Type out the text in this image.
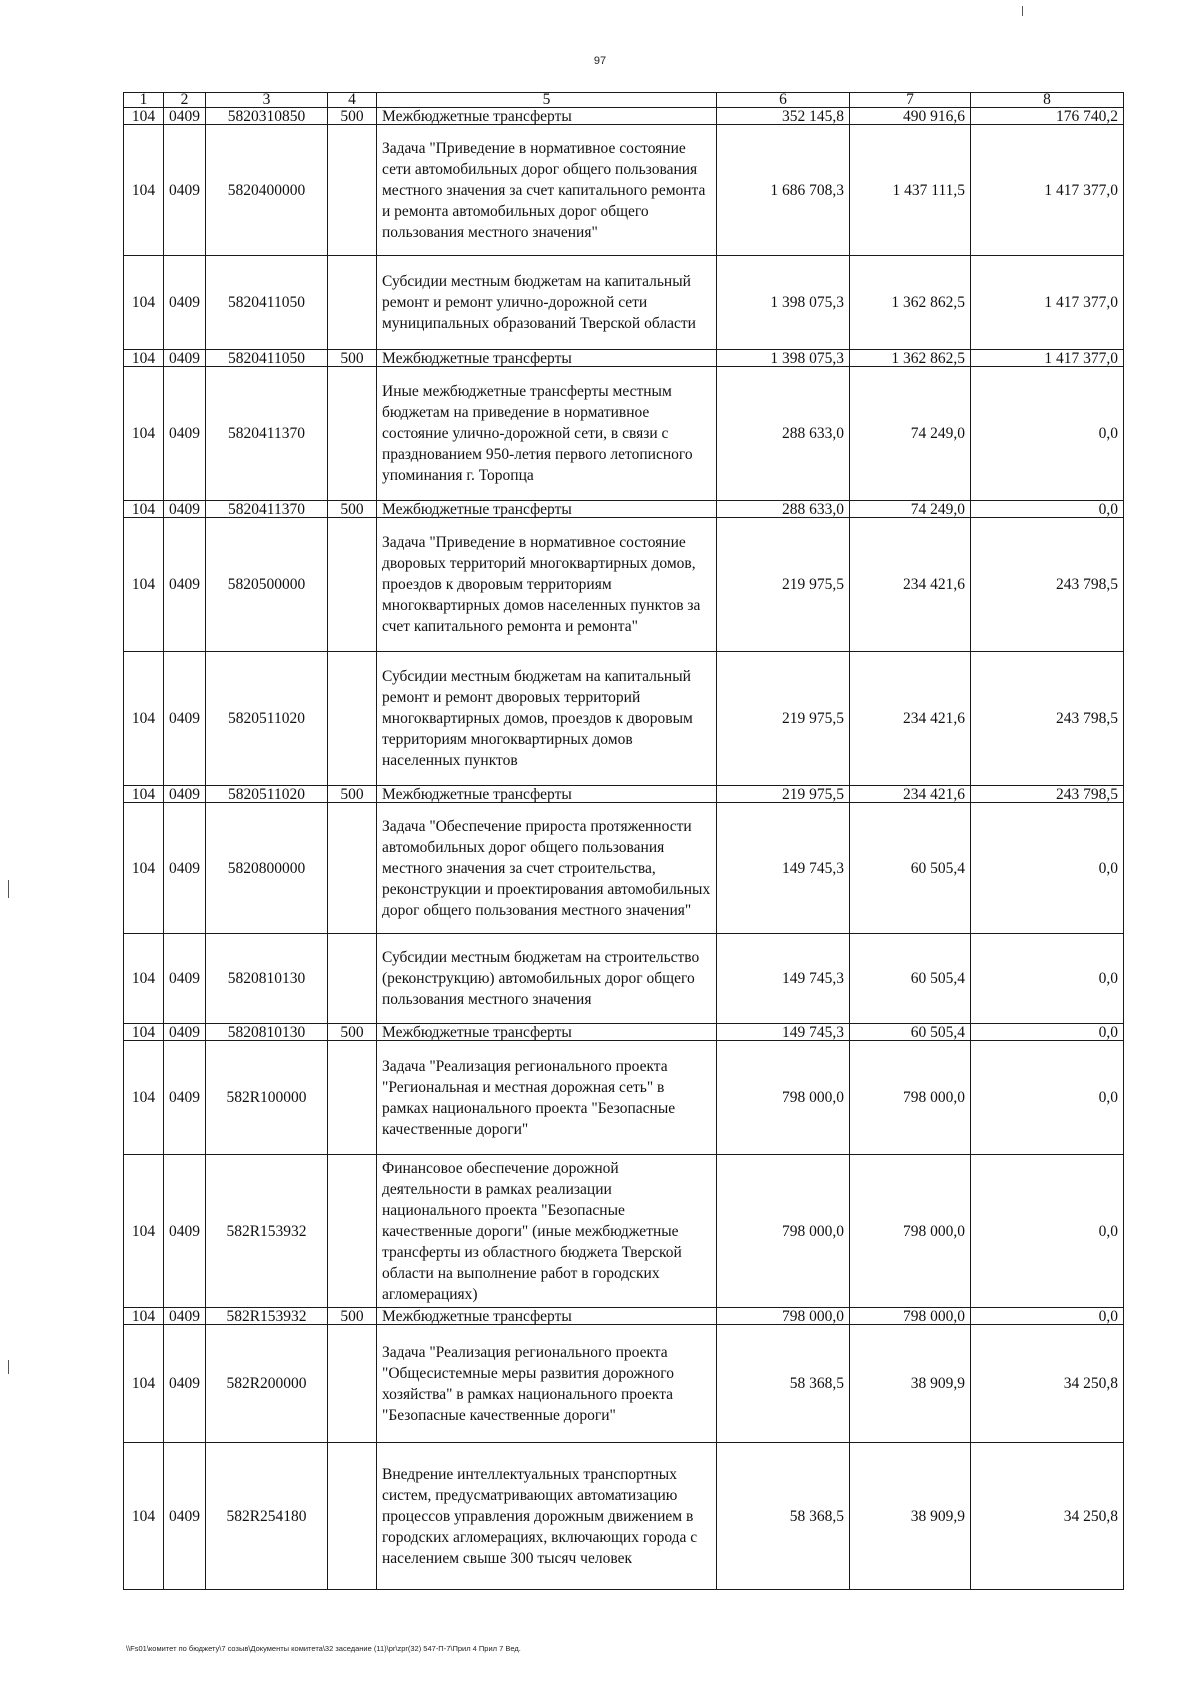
97
1	2	3	4	5	6	7	8
104	0409	5820310850	500	Межбюджетные трансферты	352 145,8	490 916,6	176 740,2
104	0409	5820400000		Задача "Приведение в нормативное состояние сети автомобильных дорог общего пользования местного значения за счет капитального ремонта и ремонта автомобильных дорог общего пользования местного значения"	1 686 708,3	1 437 111,5	1 417 377,0
104	0409	5820411050		Субсидии местным бюджетам на капитальный ремонт и ремонт улично-дорожной сети муниципальных образований Тверской области	1 398 075,3	1 362 862,5	1 417 377,0
104	0409	5820411050	500	Межбюджетные трансферты	1 398 075,3	1 362 862,5	1 417 377,0
104	0409	5820411370		Иные межбюджетные трансферты местным бюджетам на приведение в нормативное состояние улично-дорожной сети, в связи с празднованием 950-летия первого летописного упоминания г. Торопца	288 633,0	74 249,0	0,0
104	0409	5820411370	500	Межбюджетные трансферты	288 633,0	74 249,0	0,0
104	0409	5820500000		Задача "Приведение в нормативное состояние дворовых территорий многоквартирных домов, проездов к дворовым территориям многоквартирных домов населенных пунктов за счет капитального ремонта и ремонта"	219 975,5	234 421,6	243 798,5
104	0409	5820511020		Субсидии местным бюджетам на капитальный ремонт и ремонт дворовых территорий многоквартирных домов, проездов к дворовым территориям многоквартирных домов населенных пунктов	219 975,5	234 421,6	243 798,5
104	0409	5820511020	500	Межбюджетные трансферты	219 975,5	234 421,6	243 798,5
104	0409	5820800000		Задача "Обеспечение прироста протяженности автомобильных дорог общего пользования местного значения за счет строительства, реконструкции и проектирования автомобильных дорог общего пользования местного значения"	149 745,3	60 505,4	0,0
104	0409	5820810130		Субсидии местным бюджетам на строительство (реконструкцию) автомобильных дорог общего пользования местного значения	149 745,3	60 505,4	0,0
104	0409	5820810130	500	Межбюджетные трансферты	149 745,3	60 505,4	0,0
104	0409	582R100000		Задача "Реализация регионального проекта "Региональная и местная дорожная сеть" в рамках национального проекта "Безопасные качественные дороги"	798 000,0	798 000,0	0,0
104	0409	582R153932		Финансовое обеспечение дорожной деятельности в рамках реализации национального проекта "Безопасные качественные дороги" (иные межбюджетные трансферты из областного бюджета Тверской области на выполнение работ в городских агломерациях)	798 000,0	798 000,0	0,0
104	0409	582R153932	500	Межбюджетные трансферты	798 000,0	798 000,0	0,0
104	0409	582R200000		Задача "Реализация регионального проекта "Общесистемные меры развития дорожного хозяйства" в рамках национального проекта "Безопасные качественные дороги"	58 368,5	38 909,9	34 250,8
104	0409	582R254180		Внедрение интеллектуальных транспортных систем, предусматривающих автоматизацию процессов управления дорожным движением в городских агломерациях, включающих города с населением свыше 300 тысяч человек	58 368,5	38 909,9	34 250,8
\\Fs01\комитет по бюджету\7 созыв\Документы комитета\32 заседание (11)\pr\zpr(32) 547-П-7\Прил 4 Прил 7 Вед.
